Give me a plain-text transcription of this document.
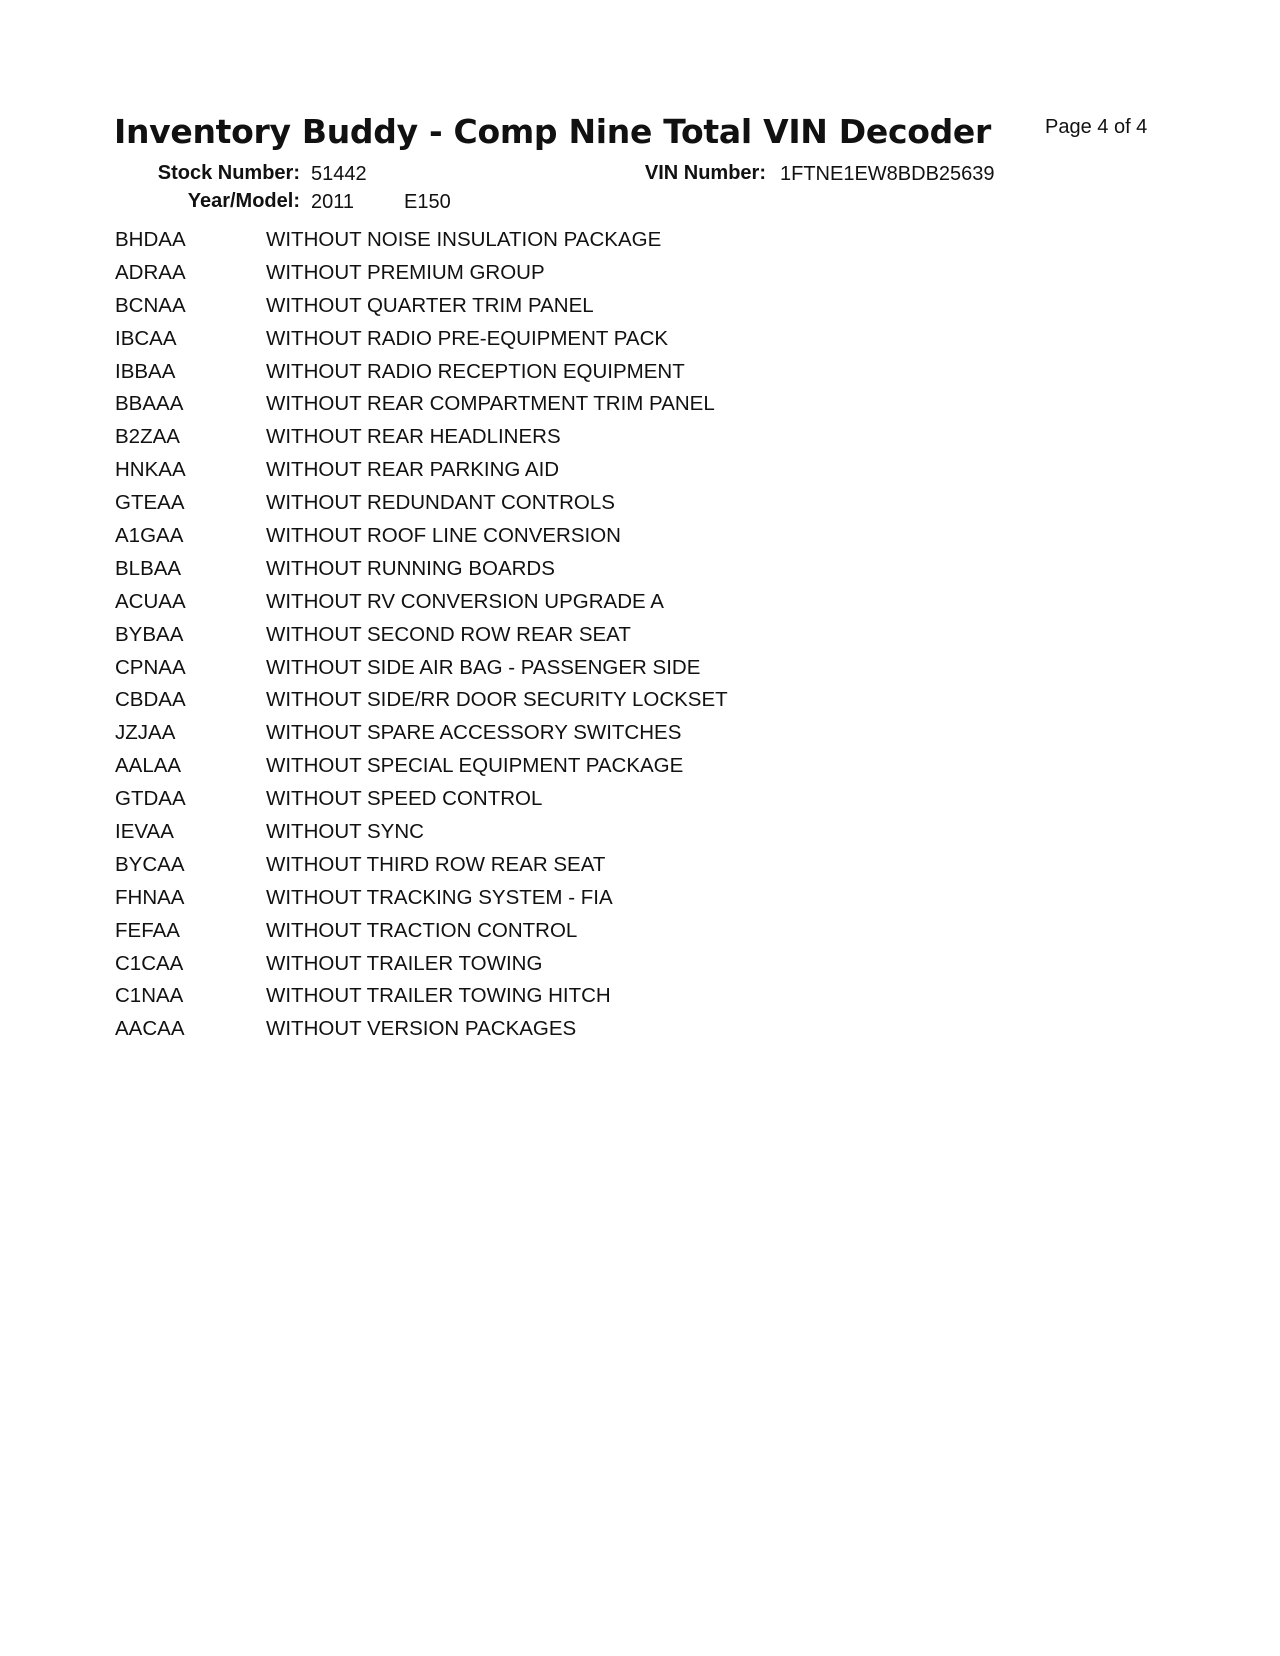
Inventory Buddy - Comp Nine Total VIN Decoder	Page 4 of 4
Stock Number: 51442	VIN Number: 1FTNE1EW8BDB25639
Year/Model: 2011 E150
BHDAA	WITHOUT NOISE INSULATION PACKAGE
ADRAA	WITHOUT PREMIUM GROUP
BCNAA	WITHOUT QUARTER TRIM PANEL
IBCAA	WITHOUT RADIO PRE-EQUIPMENT PACK
IBBAA	WITHOUT RADIO RECEPTION EQUIPMENT
BBAAA	WITHOUT REAR COMPARTMENT TRIM PANEL
B2ZAA	WITHOUT REAR HEADLINERS
HNKAA	WITHOUT REAR PARKING AID
GTEAA	WITHOUT REDUNDANT CONTROLS
A1GAA	WITHOUT ROOF LINE CONVERSION
BLBAA	WITHOUT RUNNING BOARDS
ACUAA	WITHOUT RV CONVERSION UPGRADE A
BYBAA	WITHOUT SECOND ROW REAR SEAT
CPNAA	WITHOUT SIDE AIR BAG - PASSENGER SIDE
CBDAA	WITHOUT SIDE/RR DOOR SECURITY LOCKSET
JZJAA	WITHOUT SPARE ACCESSORY SWITCHES
AALAA	WITHOUT SPECIAL EQUIPMENT PACKAGE
GTDAA	WITHOUT SPEED CONTROL
IEVAA	WITHOUT SYNC
BYCAA	WITHOUT THIRD ROW REAR SEAT
FHNAA	WITHOUT TRACKING SYSTEM - FIA
FEFAA	WITHOUT TRACTION CONTROL
C1CAA	WITHOUT TRAILER TOWING
C1NAA	WITHOUT TRAILER TOWING HITCH
AACAA	WITHOUT VERSION PACKAGES
